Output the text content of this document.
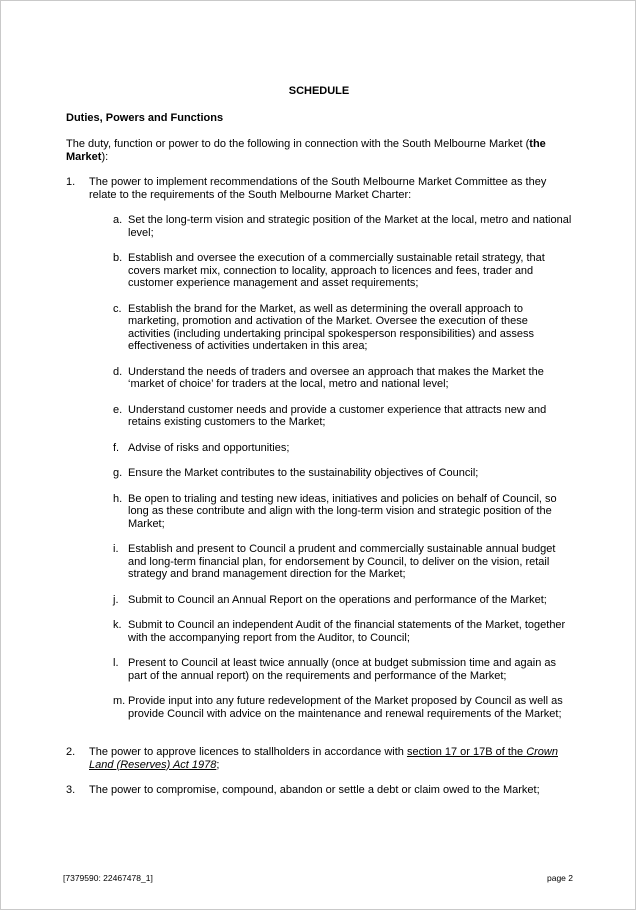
SCHEDULE
Duties, Powers and Functions

The duty, function or power to do the following in connection with the South Melbourne Market (the Market):

1.	The power to implement recommendations of the South Melbourne Market Committee as they relate to the requirements of the South Melbourne Market Charter:

a. Set the long-term vision and strategic position of the Market at the local, metro and national level;
b. Establish and oversee the execution of a commercially sustainable retail strategy, that covers market mix, connection to locality, approach to licences and fees, trader and customer experience management and asset requirements;
c. Establish the brand for the Market, as well as determining the overall approach to marketing, promotion and activation of the Market. Oversee the execution of these activities (including undertaking principal spokesperson responsibilities) and assess effectiveness of activities undertaken in this area;
d. Understand the needs of traders and oversee an approach that makes the Market the ‘market of choice’ for traders at the local, metro and national level;
e. Understand customer needs and provide a customer experience that attracts new and retains existing customers to the Market;
f. Advise of risks and opportunities;
g. Ensure the Market contributes to the sustainability objectives of Council;
h. Be open to trialing and testing new ideas, initiatives and policies on behalf of Council, so long as these contribute and align with the long-term vision and strategic position of the Market;
i. Establish and present to Council a prudent and commercially sustainable annual budget and long-term financial plan, for endorsement by Council, to deliver on the vision, retail strategy and brand management direction for the Market;
j. Submit to Council an Annual Report on the operations and performance of the Market;
k. Submit to Council an independent Audit of the financial statements of the Market, together with the accompanying report from the Auditor, to Council;
l. Present to Council at least twice annually (once at budget submission time and again as part of the annual report) on the requirements and performance of the Market;
m. Provide input into any future redevelopment of the Market proposed by Council as well as provide Council with advice on the maintenance and renewal requirements of the Market;
2.	The power to approve licences to stallholders in accordance with section 17 or 17B of the Crown Land (Reserves) Act 1978;
3.	The power to compromise, compound, abandon or settle a debt or claim owed to the Market;
[7379590: 22467478_1]	page 2
